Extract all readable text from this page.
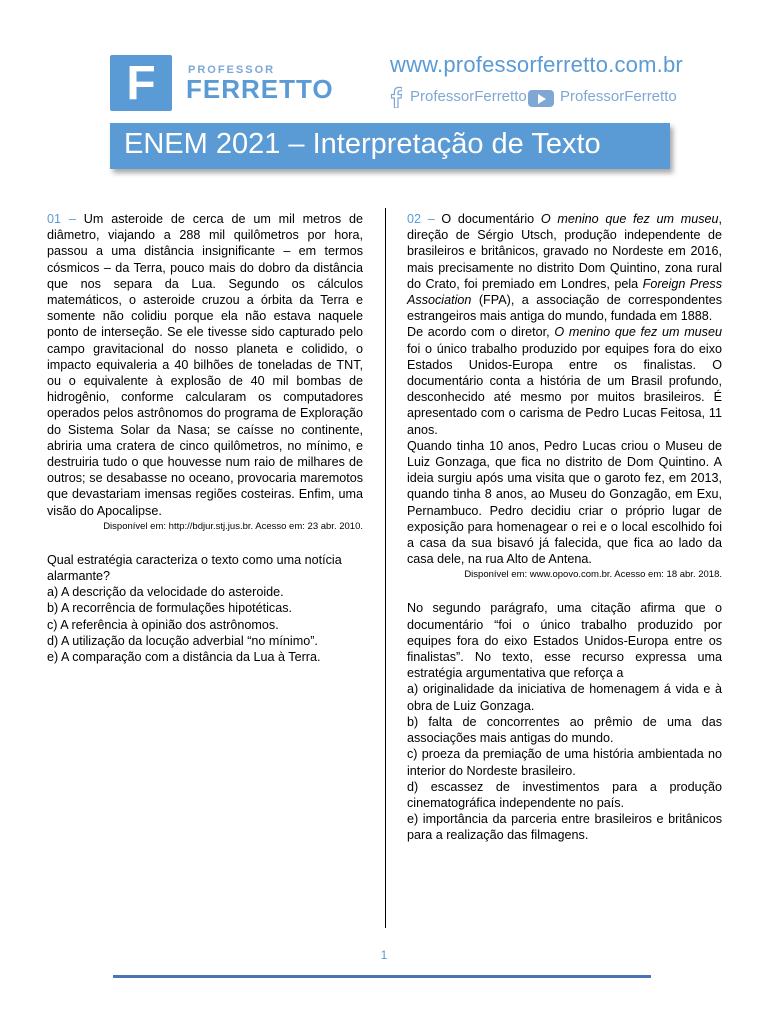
F	PROFESSOR
FERRETTO
www.professorferretto.com.br
ProfessorFerretto ProfessorFerretto
ENEM 2021 – Interpretação de Texto

01 – Um asteroide de cerca de um mil metros de diâmetro, viajando a 288 mil quilômetros por hora, passou a uma distância insignificante – em termos cósmicos – da Terra, pouco mais do dobro da distância que nos separa da Lua. Segundo os cálculos matemáticos, o asteroide cruzou a órbita da Terra e somente não colidiu porque ela não estava naquele ponto de interseção. Se ele tivesse sido capturado pelo campo gravitacional do nosso planeta e colidido, o impacto equivaleria a 40 bilhões de toneladas de TNT, ou o equivalente à explosão de 40 mil bombas de hidrogênio, conforme calcularam os computadores operados pelos astrônomos do programa de Exploração do Sistema Solar da Nasa; se caísse no continente, abriria uma cratera de cinco quilômetros, no mínimo, e destruiria tudo o que houvesse num raio de milhares de outros; se desabasse no oceano, provocaria maremotos que devastariam imensas regiões costeiras. Enfim, uma visão do Apocalipse.

Disponível em: http://bdjur.stj.jus.br. Acesso em: 23 abr. 2010.

Qual estratégia caracteriza o texto como uma notícia alarmante?

a) A descrição da velocidade do asteroide.
b) A recorrência de formulações hipotéticas.
c) A referência à opinião dos astrônomos.
d) A utilização da locução adverbial “no mínimo”.
e) A comparação com a distância da Lua à Terra.

02 – O documentário O menino que fez um museu, direção de Sérgio Utsch, produção independente de brasileiros e britânicos, gravado no Nordeste em 2016, mais precisamente no distrito Dom Quintino, zona rural do Crato, foi premiado em Londres, pela Foreign Press Association (FPA), a associação de correspondentes estrangeiros mais antiga do mundo, fundada em 1888.

De acordo com o diretor, O menino que fez um museu foi o único trabalho produzido por equipes fora do eixo Estados Unidos-Europa entre os finalistas. O documentário conta a história de um Brasil profundo, desconhecido até mesmo por muitos brasileiros. É apresentado com o carisma de Pedro Lucas Feitosa, 11 anos.

Quando tinha 10 anos, Pedro Lucas criou o Museu de Luiz Gonzaga, que fica no distrito de Dom Quintino. A ideia surgiu após uma visita que o garoto fez, em 2013, quando tinha 8 anos, ao Museu do Gonzagão, em Exu, Pernambuco. Pedro decidiu criar o próprio lugar de exposição para homenagear o rei e o local escolhido foi a casa da sua bisavó já falecida, que fica ao lado da casa dele, na rua Alto de Antena.

Disponível em: www.opovo.com.br. Acesso em: 18 abr. 2018.

No segundo parágrafo, uma citação afirma que o documentário “foi o único trabalho produzido por equipes fora do eixo Estados Unidos-Europa entre os finalistas”. No texto, esse recurso expressa uma estratégia argumentativa que reforça a

a) originalidade da iniciativa de homenagem á vida e à obra de Luiz Gonzaga.
b) falta de concorrentes ao prêmio de uma das associações mais antigas do mundo.
c) proeza da premiação de uma história ambientada no interior do Nordeste brasileiro.
d) escassez de investimentos para a produção cinematográfica independente no país.
e) importância da parceria entre brasileiros e britânicos para a realização das filmagens.
1
